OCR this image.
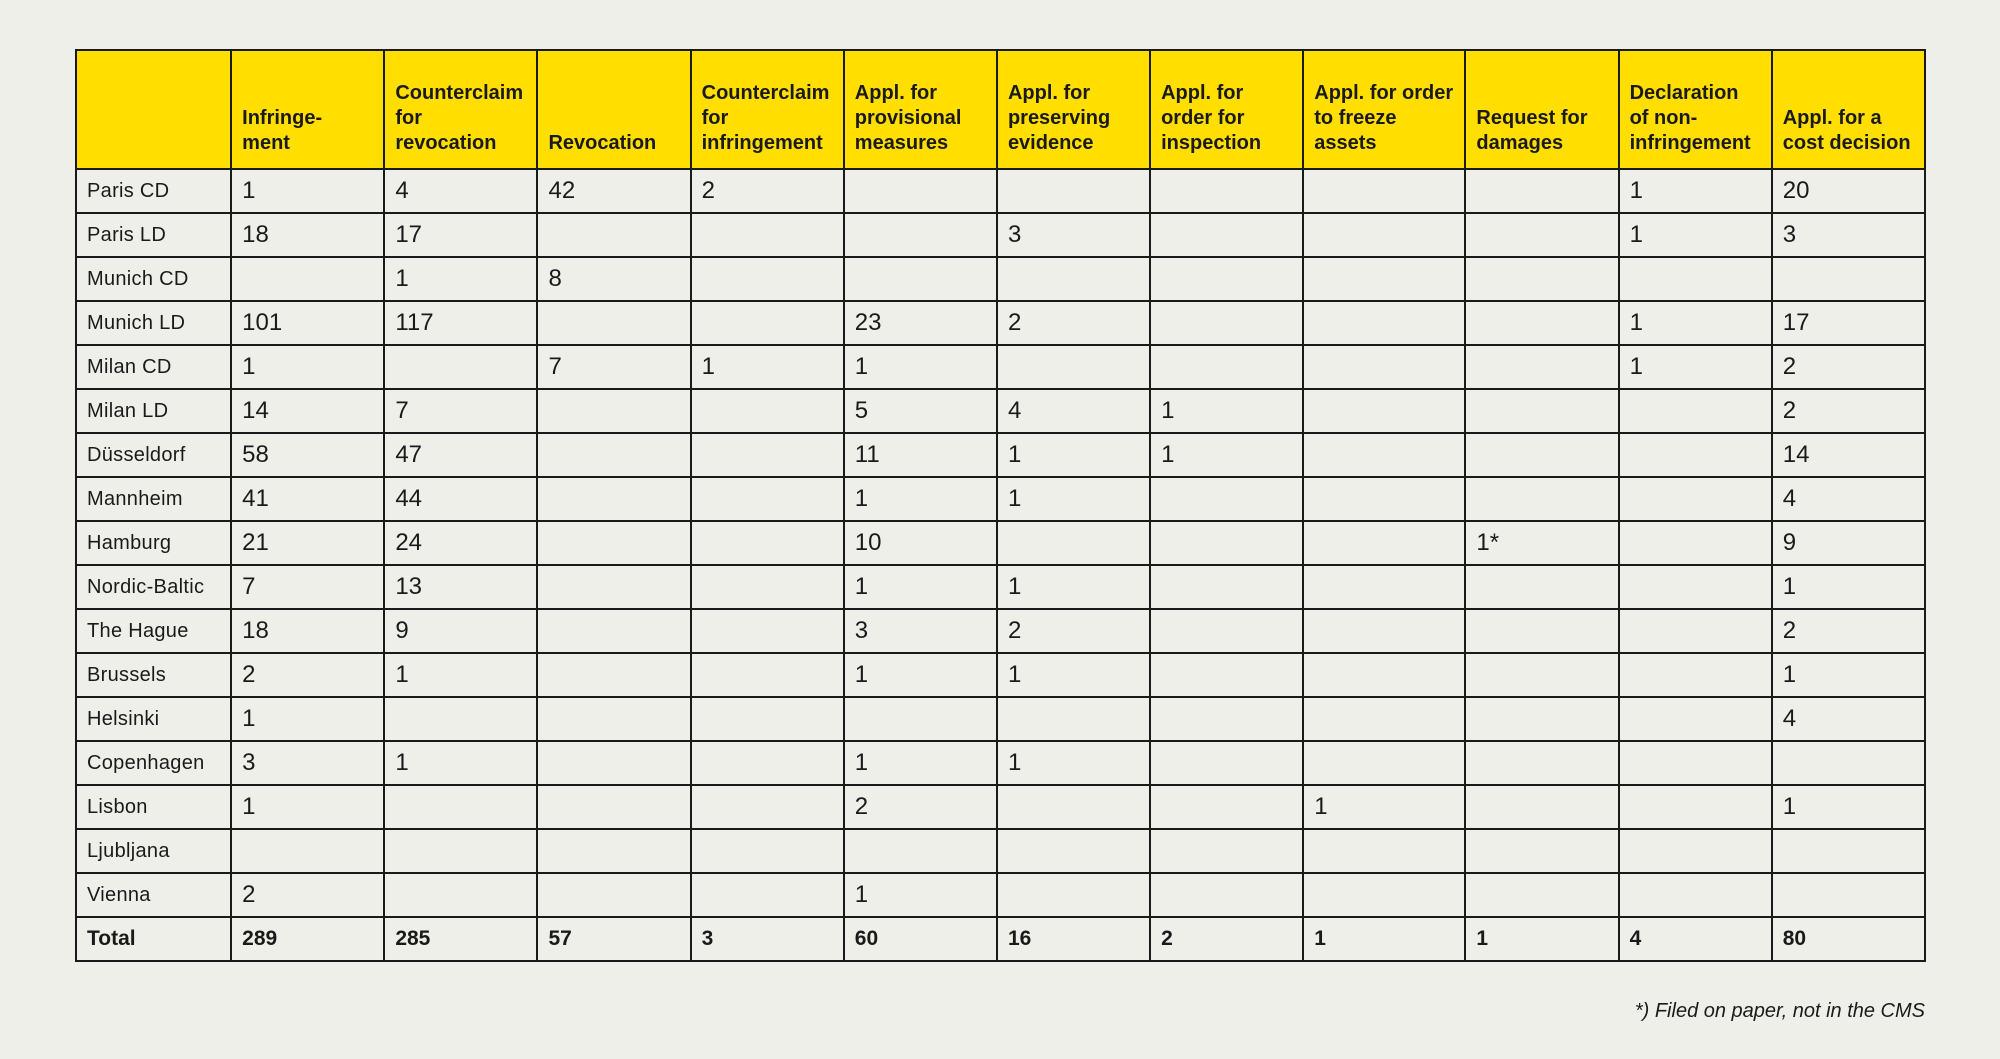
	Infringe- ment	Counterclaim for revocation	Revocation	Counterclaim for infringement	Appl. for provisional measures	Appl. for preserving evidence	Appl. for order for inspection	Appl. for order to freeze assets	Request for damages	Declaration of non-infringement	Appl. for a cost decision
Paris CD	1	4	42	2						1	20
Paris LD	18	17				3				1	3
Munich CD		1	8								
Munich LD	101	117			23	2				1	17
Milan CD	1		7	1	1					1	2
Milan LD	14	7			5	4	1				2
Düsseldorf	58	47			11	1	1				14
Mannheim	41	44			1	1					4
Hamburg	21	24			10				1*		9
Nordic-Baltic	7	13			1	1					1
The Hague	18	9			3	2					2
Brussels	2	1			1	1					1
Helsinki	1										4
Copenhagen	3	1			1	1					
Lisbon	1				2			1			1
Ljubljana											
Vienna	2				1						
Total	289	285	57	3	60	16	2	1	1	4	80
*) Filed on paper, not in the CMS
